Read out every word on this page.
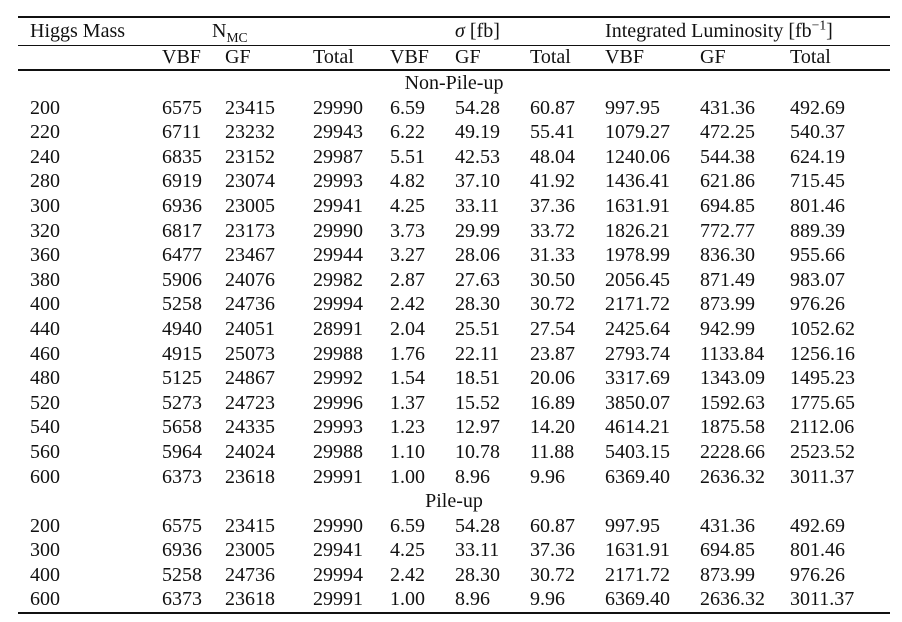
Higgs Mass	$N_{MC}$			σ [fb]			Integrated Luminosity $[fb^{-1}]$		
	VBF	GF	Total	VBF	GF	Total	VBF	GF	Total
Non-Pile-up									
200	6575	23415	29990	6.59	54.28	60.87	997.95	431.36	492.69
220	6711	23232	29943	6.22	49.19	55.41	1079.27	472.25	540.37
240	6835	23152	29987	5.51	42.53	48.04	1240.06	544.38	624.19
280	6919	23074	29993	4.82	37.10	41.92	1436.41	621.86	715.45
300	6936	23005	29941	4.25	33.11	37.36	1631.91	694.85	801.46
320	6817	23173	29990	3.73	29.99	33.72	1826.21	772.77	889.39
360	6477	23467	29944	3.27	28.06	31.33	1978.99	836.30	955.66
380	5906	24076	29982	2.87	27.63	30.50	2056.45	871.49	983.07
400	5258	24736	29994	2.42	28.30	30.72	2171.72	873.99	976.26
440	4940	24051	28991	2.04	25.51	27.54	2425.64	942.99	1052.62
460	4915	25073	29988	1.76	22.11	23.87	2793.74	1133.84	1256.16
480	5125	24867	29992	1.54	18.51	20.06	3317.69	1343.09	1495.23
520	5273	24723	29996	1.37	15.52	16.89	3850.07	1592.63	1775.65
540	5658	24335	29993	1.23	12.97	14.20	4614.21	1875.58	2112.06
560	5964	24024	29988	1.10	10.78	11.88	5403.15	2228.66	2523.52
600	6373	23618	29991	1.00	8.96	9.96	6369.40	2636.32	3011.37
Pile-up									
200	6575	23415	29990	6.59	54.28	60.87	997.95	431.36	492.69
300	6936	23005	29941	4.25	33.11	37.36	1631.91	694.85	801.46
400	5258	24736	29994	2.42	28.30	30.72	2171.72	873.99	976.26
600	6373	23618	29991	1.00	8.96	9.96	6369.40	2636.32	3011.37
